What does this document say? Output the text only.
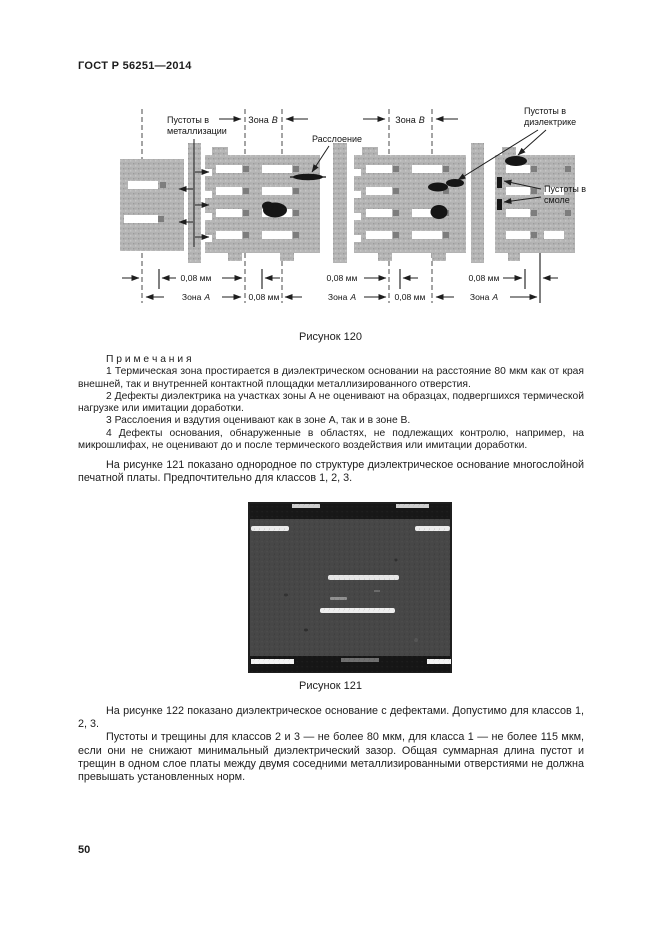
ГОСТ Р 56251—2014
Пустоты в
металлизации
Зона В	Зона В
Расслоение
Пустоты в
диэлектрике
Пустоты в
смоле
0,08 мм	0,08 мм	0,08 мм
0,08 мм	0,08 мм
Зона А	Зона А	Зона А
Рисунок 120

П р и м е ч а н и я

1 Термическая зона простирается в диэлектрическом основании на расстояние 80 мкм как от края внешней, так и внутренней контактной площадки металлизированного отверстия.

2 Дефекты диэлектрика на участках зоны А не оценивают на образцах, подвергшихся термической нагрузке или имитации доработки.

3 Расслоения и вздутия оценивают как в зоне А, так и в зоне В.

4 Дефекты основания, обнаруженные в областях, не подлежащих контролю, например, на микрошлифах, не оценивают до и после термического воздействия или имитации доработки.

На рисунке 121 показано однородное по структуре диэлектрическое основание многослойной печатной платы. Предпочтительно для классов 1, 2, 3.

Рисунок 121

На рисунке 122 показано диэлектрическое основание с дефектами. Допустимо для классов 1, 2, 3.

Пустоты и трещины для классов 2 и 3 — не более 80 мкм, для класса 1 — не более 115 мкм, если они не снижают минимальный диэлектрический зазор. Общая суммарная длина пустот и трещин в одном слое платы между двумя соседними металлизированными отверстиями не должна превышать установленных норм.

50
